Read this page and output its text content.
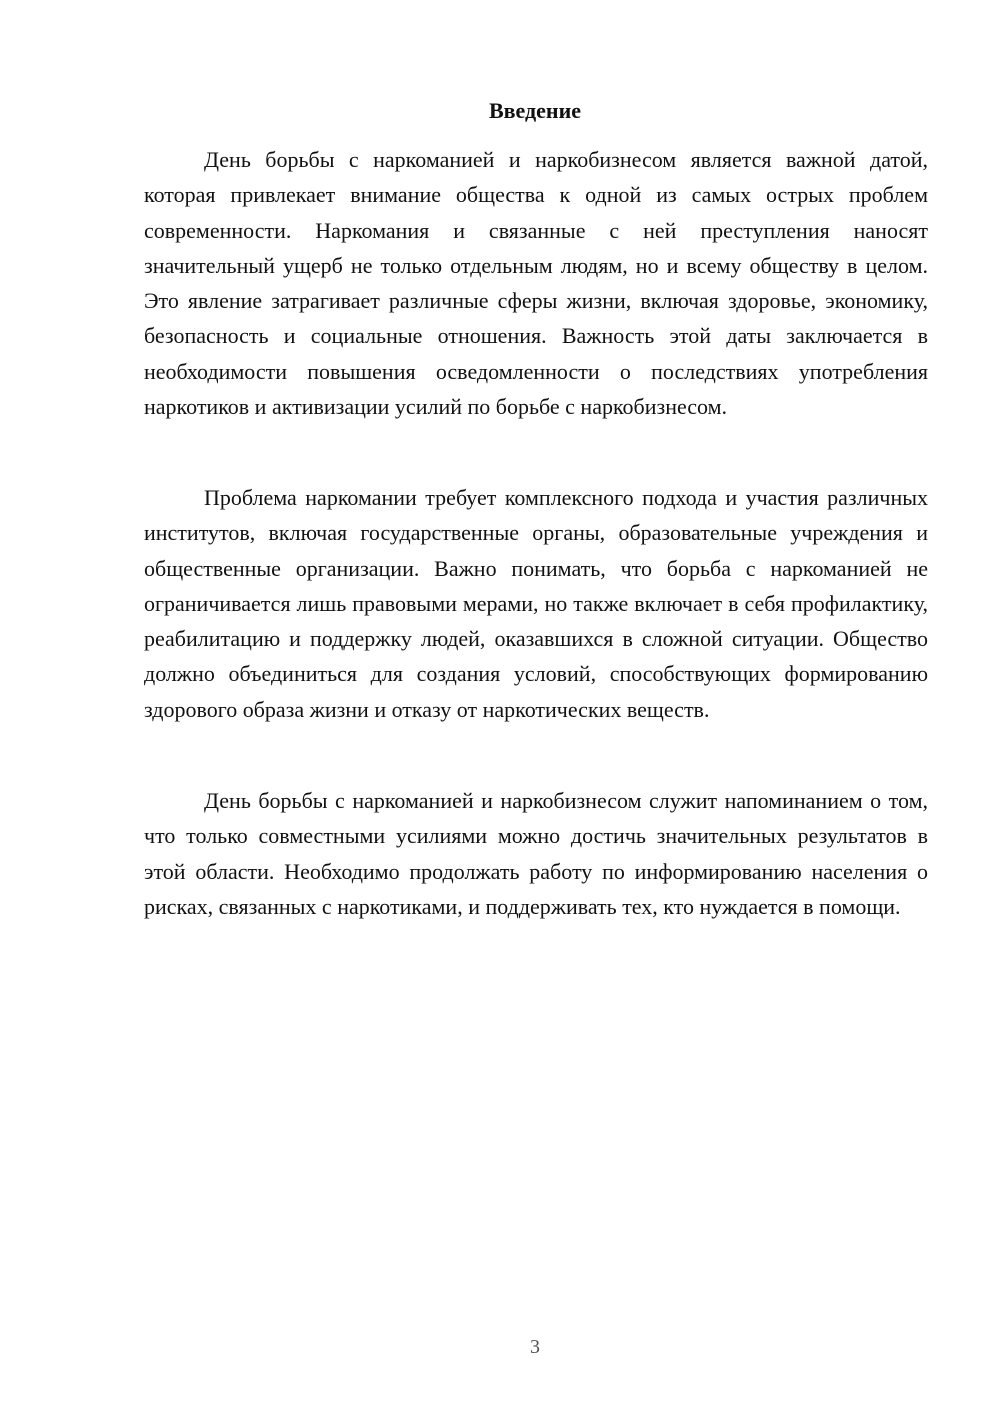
Введение

День борьбы с наркоманией и наркобизнесом является важной датой, которая привлекает внимание общества к одной из самых острых проблем современности. Наркомания и связанные с ней преступления наносят значительный ущерб не только отдельным людям, но и всему обществу в целом. Это явление затрагивает различные сферы жизни, включая здоровье, экономику, безопасность и социальные отношения. Важность этой даты заключается в необходимости повышения осведомленности о последствиях употребления наркотиков и активизации усилий по борьбе с наркобизнесом.

Проблема наркомании требует комплексного подхода и участия различных институтов, включая государственные органы, образовательные учреждения и общественные организации. Важно понимать, что борьба с наркоманией не ограничивается лишь правовыми мерами, но также включает в себя профилактику, реабилитацию и поддержку людей, оказавшихся в сложной ситуации. Общество должно объединиться для создания условий, способствующих формированию здорового образа жизни и отказу от наркотических веществ.

День борьбы с наркоманией и наркобизнесом служит напоминанием о том, что только совместными усилиями можно достичь значительных результатов в этой области. Необходимо продолжать работу по информированию населения о рисках, связанных с наркотиками, и поддерживать тех, кто нуждается в помощи.

3
